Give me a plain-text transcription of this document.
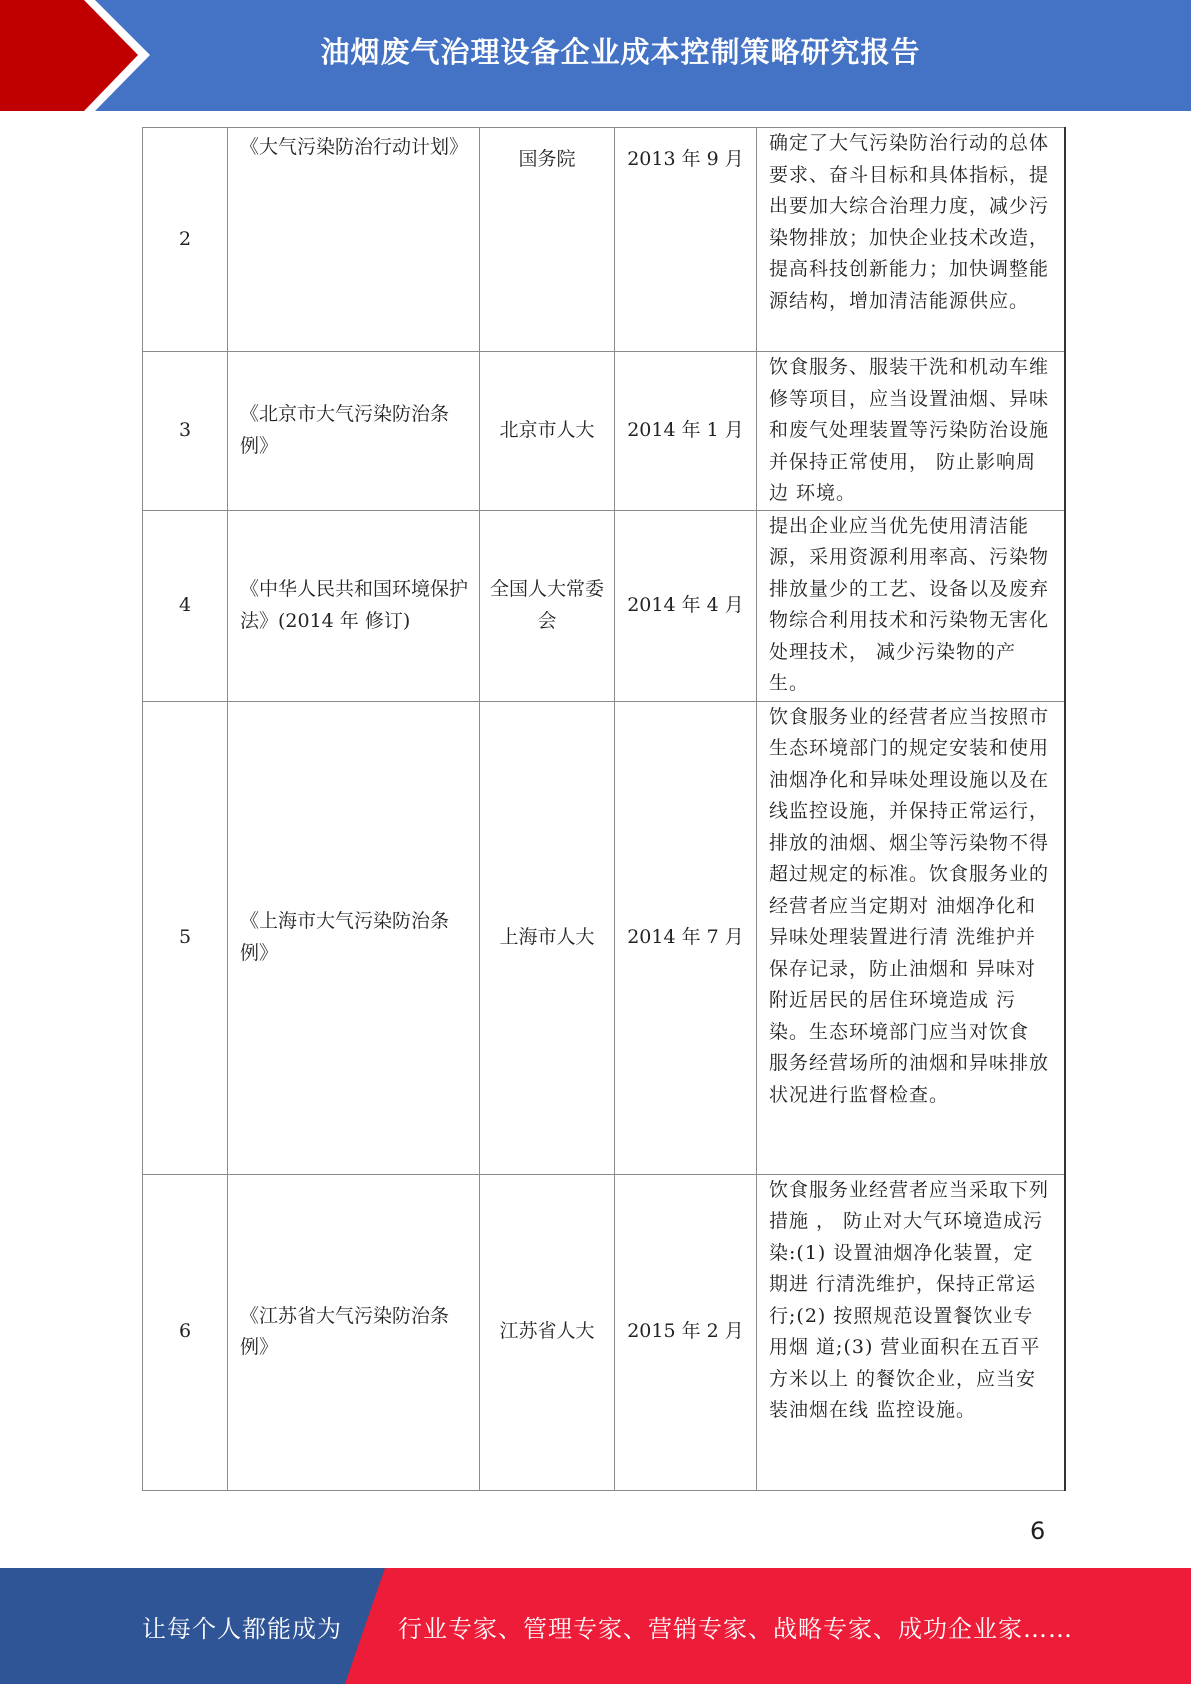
油烟废气治理设备企业成本控制策略研究报告
2	《大气污染防治行动计划》	国务院	2013 年 9 月	确定了大气污染防治行动的总体 要求、奋斗目标和具体指标，提出要加大综合治理力度，减少污 染物排放；加快企业技术改造， 提高科技创新能力；加快调整能 源结构，增加清洁能源供应。
3	《北京市大气污染防治条例》	北京市人大	2014 年 1 月	饮食服务、服装干洗和机动车维 修等项目，应当设置油烟、异味 和废气处理装置等污染防治设施 并保持正常使用， 防止影响周边 环境。
4	《中华人民共和国环境保护法》(2014 年 修订)	全国人大常委会	2014 年 4 月	提出企业应当优先使用清洁能 源，采用资源利用率高、污染物排放量少的工艺、设备以及废弃 物综合利用技术和污染物无害化 处理技术， 减少污染物的产生。
5	《上海市大气污染防治条例》	上海市人大	2014 年 7 月	饮食服务业的经营者应当按照市 生态环境部门的规定安装和使用 油烟净化和异味处理设施以及在 线监控设施，并保持正常运行， 排放的油烟、烟尘等污染物不得 超过规定的标准。饮食服务业的经营者应当定期对 油烟净化和异味处理装置进行清 洗维护并保存记录，防止油烟和 异味对附近居民的居住环境造成 污染。生态环境部门应当对饮食 服务经营场所的油烟和异味排放 状况进行监督检查。
6	《江苏省大气污染防治条例》	江苏省人大	2015 年 2 月	饮食服务业经营者应当采取下列 措施 ， 防止对大气环境造成污 染:(1) 设置油烟净化装置，定期进 行清洗维护，保持正常运行;(2) 按照规范设置餐饮业专用烟 道;(3) 营业面积在五百平方米以上 的餐饮企业，应当安装油烟在线 监控设施。
6
让每个人都能成为 行业专家、管理专家、营销专家、战略专家、成功企业家……
